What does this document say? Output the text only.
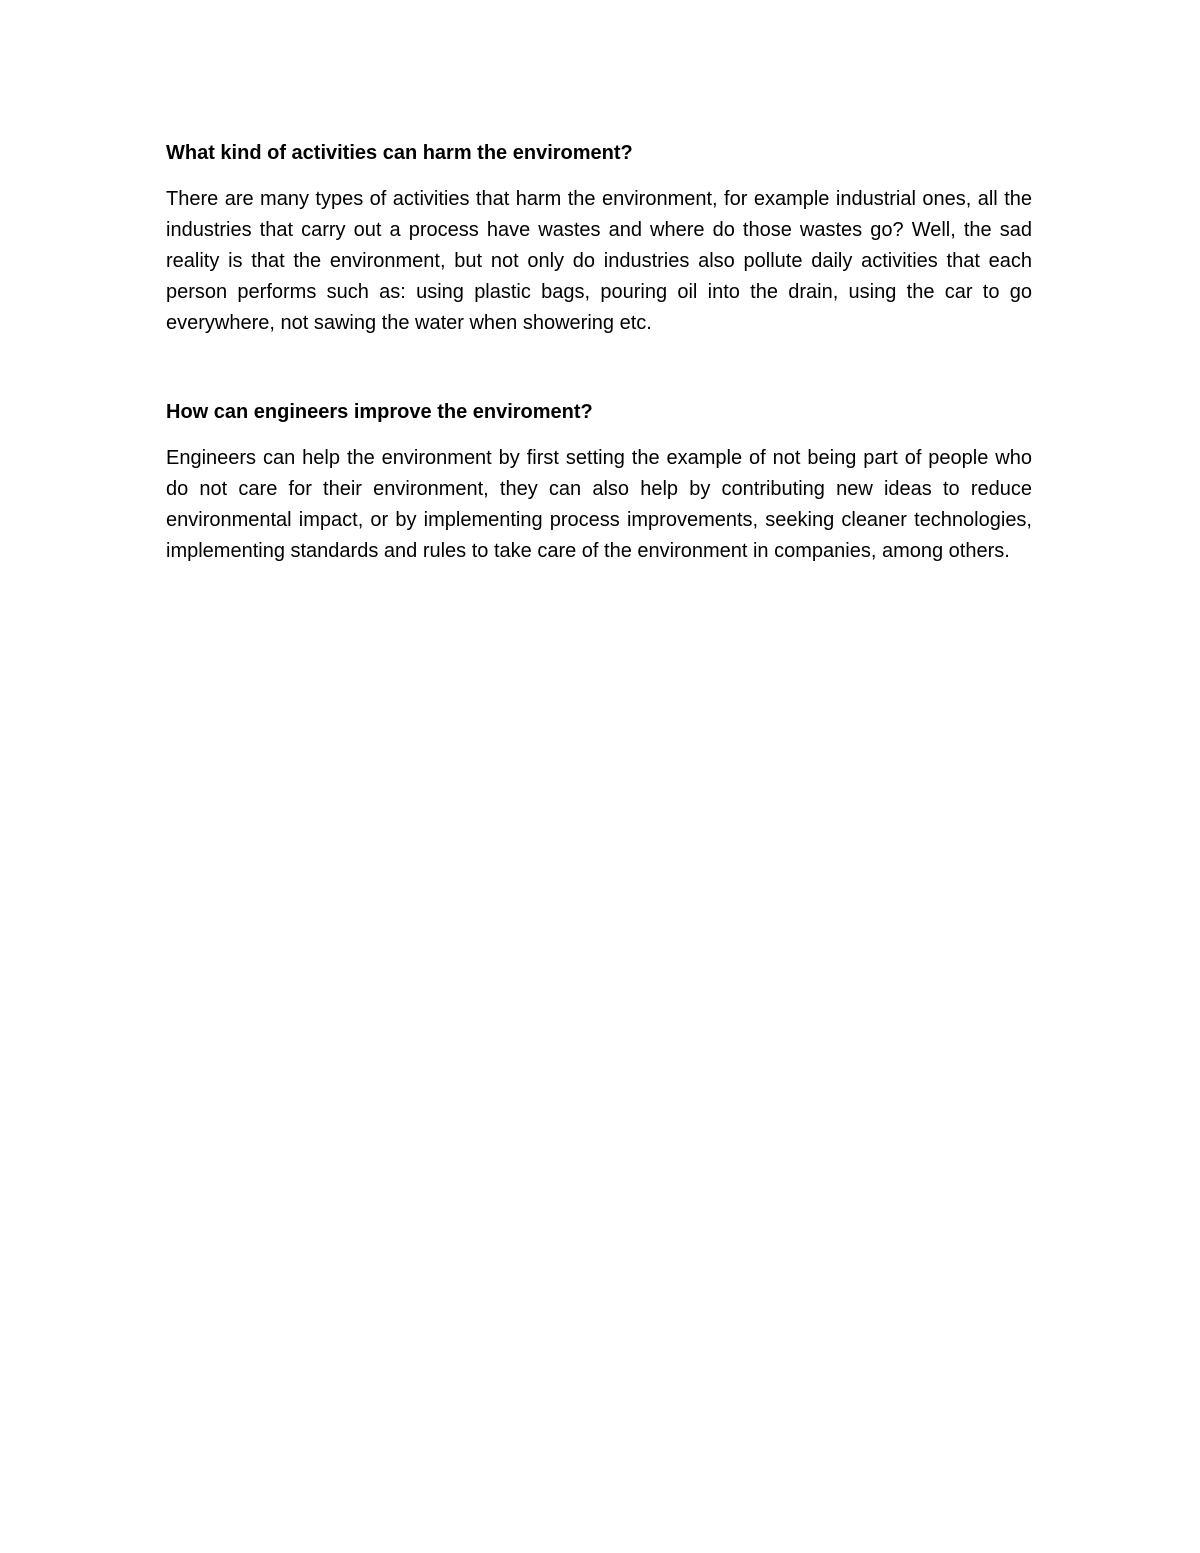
What kind of activities can harm the enviroment?

There are many types of activities that harm the environment, for example industrial ones, all the industries that carry out a process have wastes and where do those wastes go? Well, the sad reality is that the environment, but not only do industries also pollute daily activities that each person performs such as: using plastic bags, pouring oil into the drain, using the car to go everywhere, not sawing the water when showering etc.

How can engineers improve the enviroment?

Engineers can help the environment by first setting the example of not being part of people who do not care for their environment, they can also help by contributing new ideas to reduce environmental impact, or by implementing process improvements, seeking cleaner technologies, implementing standards and rules to take care of the environment in companies, among others.
